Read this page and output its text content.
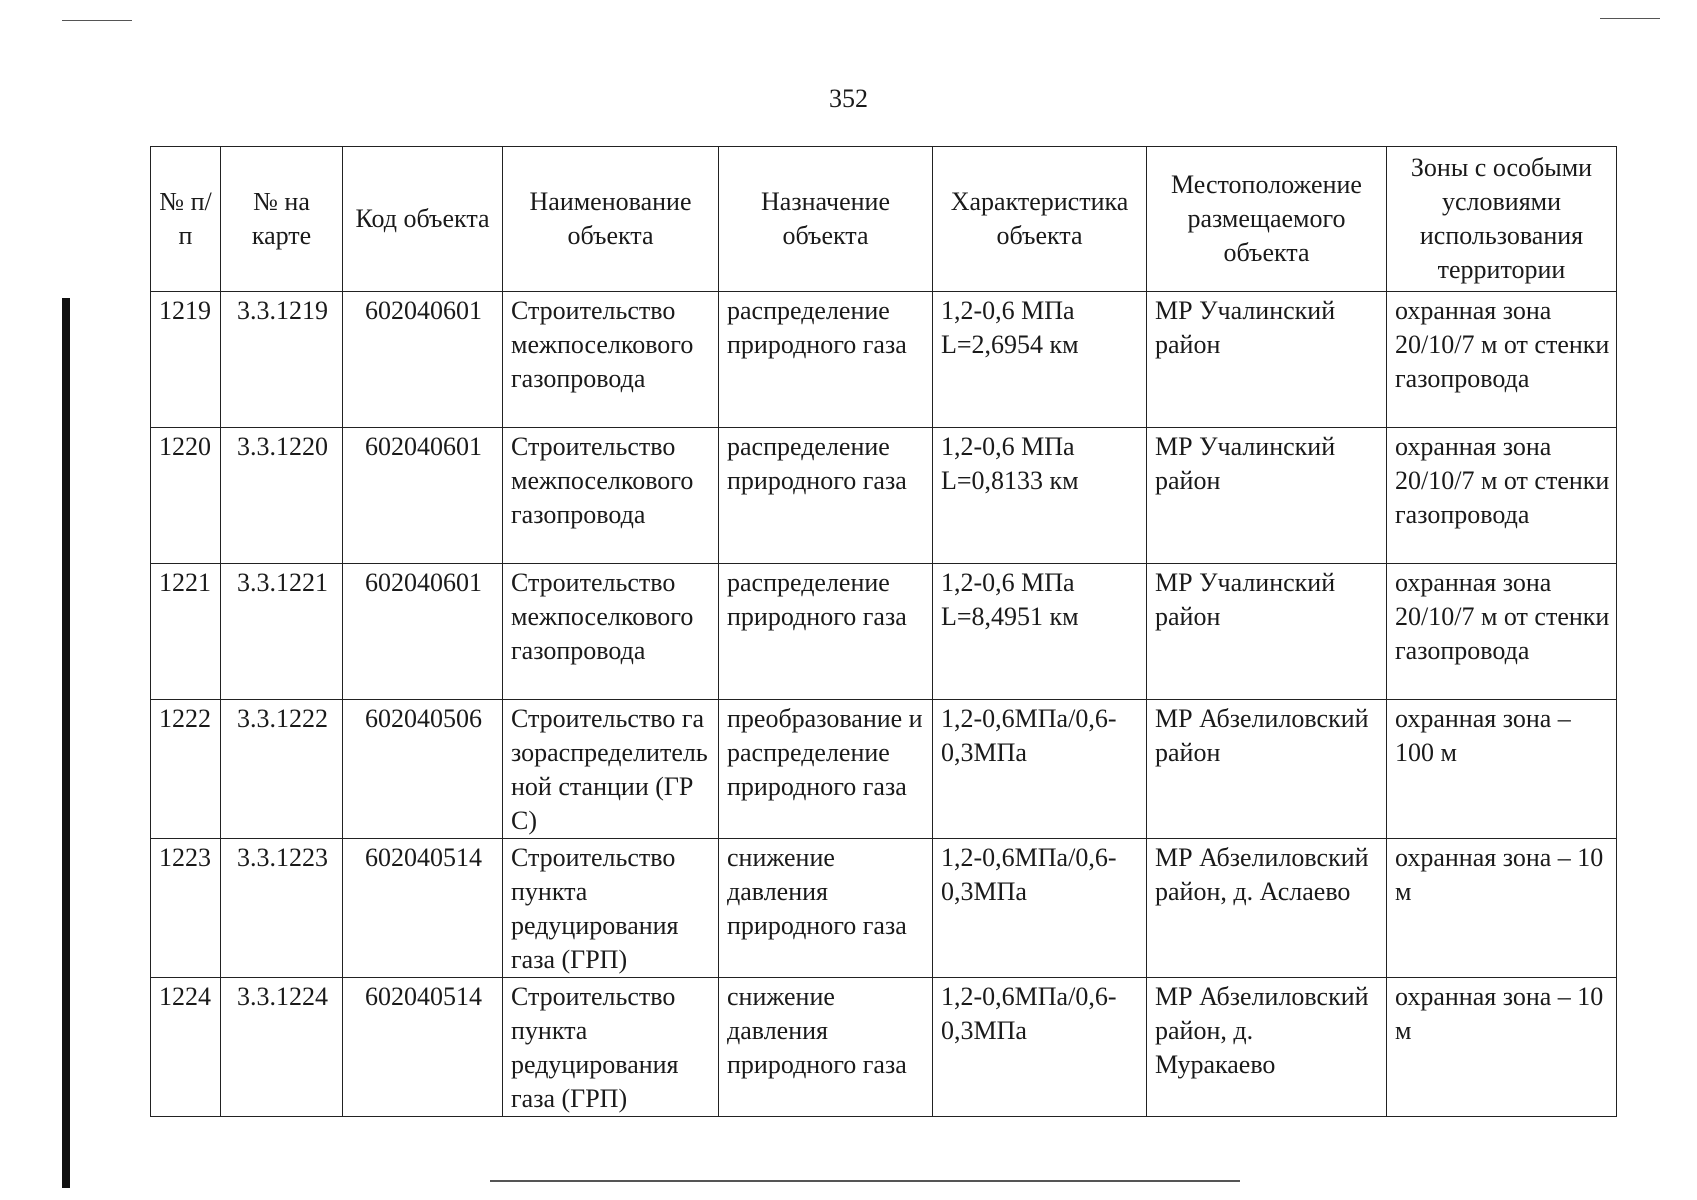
352
№ п/п	№ на карте	Код объекта	Наименование объекта	Назначение объекта	Характеристика объекта	Местоположение размещаемого объекта	Зоны с особыми условиями использования территории
1219	3.3.1219	602040601	Строительство межпоселкового газопровода	распределение природного газа	1,2-0,6 МПа L=2,6954 км	МР Учалинский район	охранная зона 20/10/7 м от стенки газопровода
1220	3.3.1220	602040601	Строительство межпоселкового газопровода	распределение природного газа	1,2-0,6 МПа L=0,8133 км	МР Учалинский район	охранная зона 20/10/7 м от стенки газопровода
1221	3.3.1221	602040601	Строительство межпоселкового газопровода	распределение природного газа	1,2-0,6 МПа L=8,4951 км	МР Учалинский район	охранная зона 20/10/7 м от стенки газопровода
1222	3.3.1222	602040506	Строительство газораспределительной станции (ГРС)	преобразование и распределение природного газа	1,2-0,6МПа/0,6-0,3МПа	МР Абзелиловский район	охранная зона – 100 м
1223	3.3.1223	602040514	Строительство пункта редуцирования газа (ГРП)	снижение давления природного газа	1,2-0,6МПа/0,6-0,3МПа	МР Абзелиловский район, д. Аслаево	охранная зона – 10 м
1224	3.3.1224	602040514	Строительство пункта редуцирования газа (ГРП)	снижение давления природного газа	1,2-0,6МПа/0,6-0,3МПа	МР Абзелиловский район, д. Муракаево	охранная зона – 10 м
